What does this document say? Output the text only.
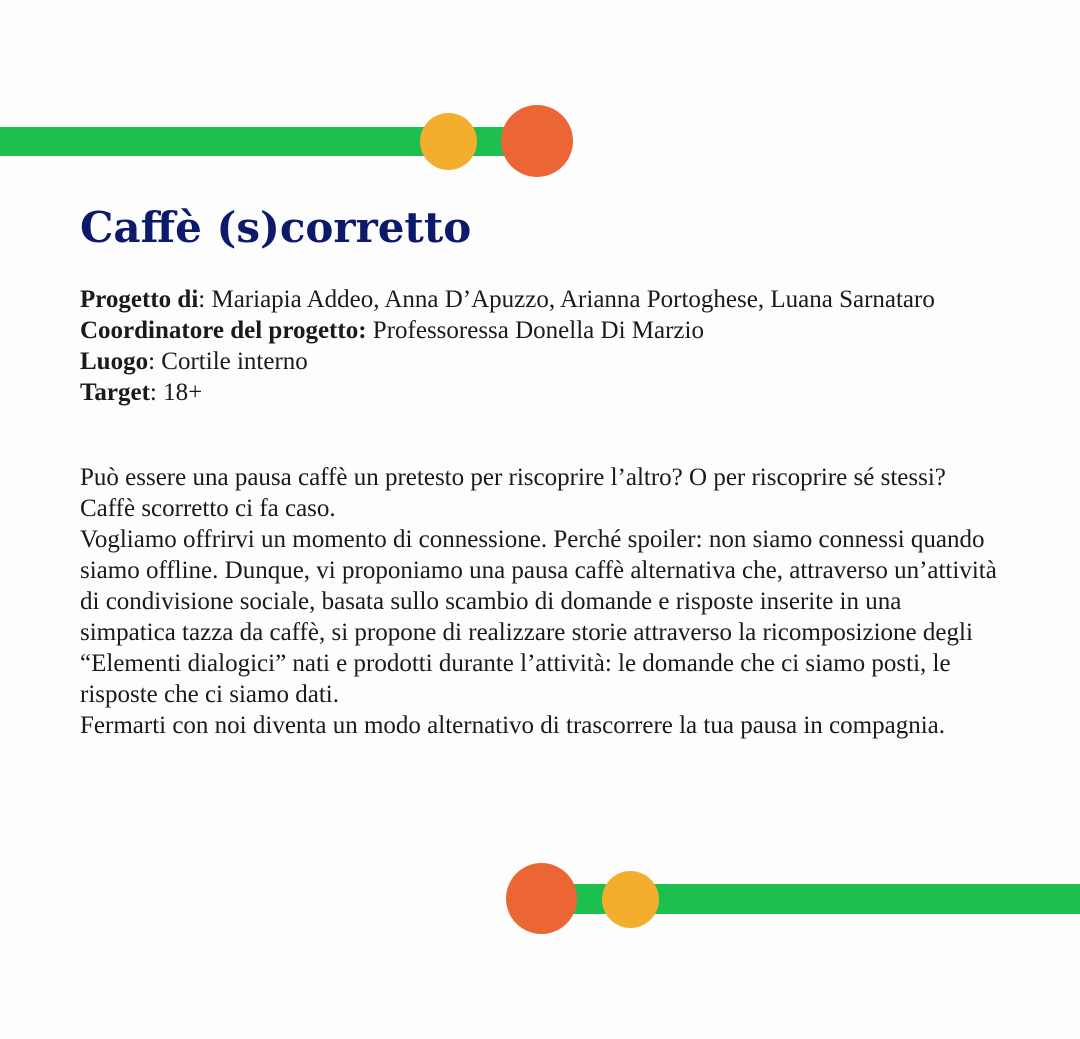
Caffè (s)corretto
Progetto di: Mariapia Addeo, Anna D’Apuzzo, Arianna Portoghese, Luana Sarnataro
Coordinatore del progetto: Professoressa Donella Di Marzio
Luogo: Cortile interno
Target: 18+

Può essere una pausa caffè un pretesto per riscoprire l’altro? O per riscoprire sé stessi? Caffè scorretto ci fa caso.

Vogliamo offrirvi un momento di connessione. Perché spoiler: non siamo connessi quando siamo offline. Dunque, vi proponiamo una pausa caffè alternativa che, attraverso un’attività di condivisione sociale, basata sullo scambio di domande e risposte inserite in una simpatica tazza da caffè, si propone di realizzare storie attraverso la ricomposizione degli “Elementi dialogici” nati e prodotti durante l’attività: le domande che ci siamo posti, le risposte che ci siamo dati.

Fermarti con noi diventa un modo alternativo di trascorrere la tua pausa in compagnia.
